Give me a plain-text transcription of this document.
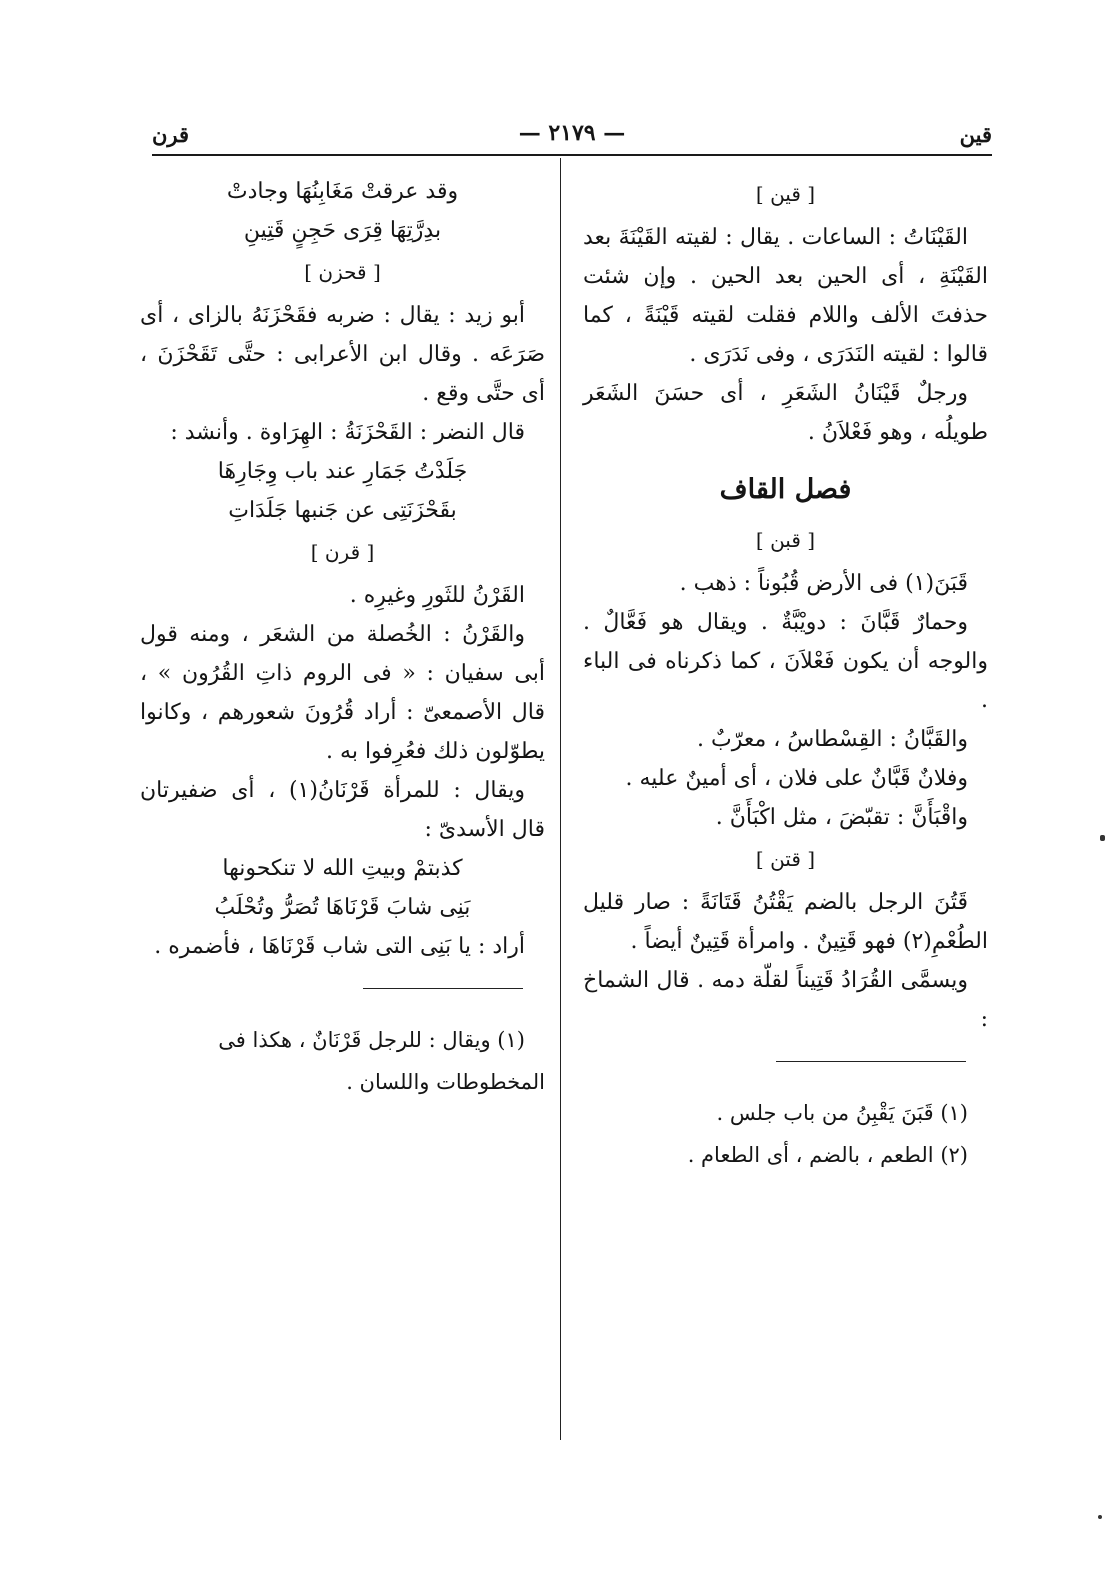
قين
— ٢١٧٩ —
قرن
[ قين ]
القَيْنَاتُ : الساعات . يقال : لقيته القَيْنَةَ بعد القَيْنَةِ ، أى الحين بعد الحين . وإن شئت حذفتَ الألف واللام فقلت لقيته قَيْنَةً ، كما قالوا : لقيته النَدَرَى ، وفى نَدَرَى .
ورجلٌ قَيْنَانُ الشَعَرِ ، أى حسَنَ الشَعَر طويلُه ، وهو فَعْلاَنُ .
فصل القاف
[ قبن ]
قَبَنَ(١) فى الأرض قُبُوناً : ذهب .
وحمارٌ قَبَّانَ : دويْبَّةٌ . ويقال هو فَعَّالٌ . والوجه أن يكون فَعْلاَنَ ، كما ذكرناه فى الباء .
والقَبَّانُ : القِسْطاسُ ، معرّبٌ .
وفلانٌ قَبَّانٌ على فلان ، أى أمينٌ عليه .
واقْبَأَنَّ : تقبّضَ ، مثل اكْبَأَنَّ .
[ قتن ]
قَتُنَ الرجل بالضم يَقْتُنُ قَتَانَةً : صار قليل الطُعْمِ(٢) فهو قَتِينٌ . وامرأة قَتِينٌ أيضاً .
ويسمَّى القُرَادُ قَتِيناً لقلّة دمه . قال الشماخ :
(١) قَبَنَ يَقْبِنُ من باب جلس .
(٢) الطعم ، بالضم ، أى الطعام .
وقد عرقتْ مَغَابِنُهَا وجادتْ
بدِرَّتِهَا قِرَى حَجِنٍ قَتِينِ
[ قحزن ]
أبو زيد : يقال : ضربه فقَحْزَنَهُ بالزاى ، أى صَرَعَه . وقال ابن الأعرابى : حتَّى تَقَحْزَنَ ، أى حتَّى وقع .
قال النضر : القَحْزَنَةُ : الهِرَاوة . وأنشد :
جَلَدْتُ جَمَارِ عند باب وِجَارِهَا
بقَحْزَنَتِى عن جَنبها جَلَدَاتِ
[ قرن ]
القَرْنُ للثَورِ وغيرِه .
والقَرْنُ : الخُصلة من الشعَر ، ومنه قول أبى سفيان : « فى الروم ذاتِ القُرُون » ، قال الأصمعىّ : أراد قُرُونَ شعورهم ، وكانوا يطوّلون ذلك فعُرِفوا به .
ويقال : للمرأة قَرْنَانُ(١) ، أى ضفيرتان قال الأسدىّ :
كذبتمْ وبيتِ الله لا تنكحونها
بَنِى شابَ قَرْنَاهَا تُصَرُّ وتُحْلَبُ
أراد : يا بَنِى التى شاب قَرْنَاهَا ، فأضمره .
(١) ويقال : للرجل قَرْنَانٌ ، هكذا فى المخطوطات واللسان .
